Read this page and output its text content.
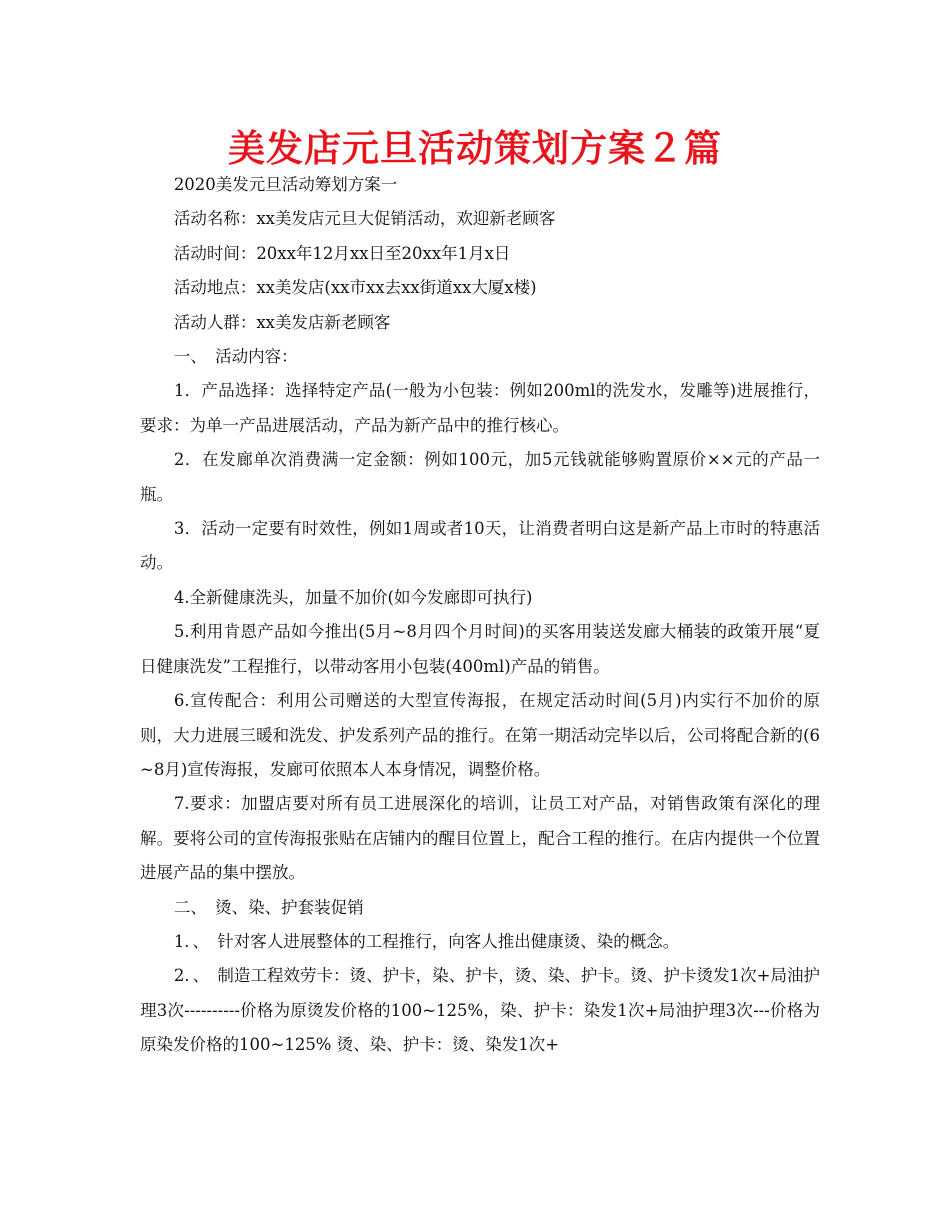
美发店元旦活动策划方案２篇

2020美发元旦活动筹划方案一

活动名称：xx美发店元旦大促销活动，欢迎新老顾客

活动时间：20xx年12月xx日至20xx年1月x日

活动地点：xx美发店(xx市xx去xx街道xx大厦x楼)

活动人群：xx美发店新老顾客

一、　活动内容：

1．产品选择：选择特定产品(一般为小包装：例如200ml的洗发水，发雕等)进展推行，要求：为单一产品进展活动，产品为新产品中的推行核心。

2．在发廊单次消费满一定金额：例如100元，加5元钱就能够购置原价××元的产品一瓶。

3．活动一定要有时效性，例如1周或者10天，让消费者明白这是新产品上市时的特惠活动。

4.全新健康洗头，加量不加价(如今发廊即可执行)

5.利用肯恩产品如今推出(5月~8月四个月时间)的买客用装送发廊大桶装的政策开展“夏日健康洗发”工程推行，以带动客用小包装(400ml)产品的销售。

6.宣传配合：利用公司赠送的大型宣传海报，在规定活动时间(5月)内实行不加价的原则，大力进展三暖和洗发、护发系列产品的推行。在第一期活动完毕以后，公司将配合新的(6~8月)宣传海报，发廊可依照本人本身情况，调整价格。

7.要求：加盟店要对所有员工进展深化的培训，让员工对产品，对销售政策有深化的理解。要将公司的宣传海报张贴在店铺内的醒目位置上，配合工程的推行。在店内提供一个位置进展产品的集中摆放。

二、　烫、染、护套装促销

1．、　针对客人进展整体的工程推行，向客人推出健康烫、染的概念。

2．、　制造工程效劳卡：烫、护卡，染、护卡，烫、染、护卡。烫、护卡烫发1次+局油护理3次----------价格为原烫发价格的100~125%，染、护卡：染发1次+局油护理3次---价格为原染发价格的100~125% 烫、染、护卡：烫、染发1次+
